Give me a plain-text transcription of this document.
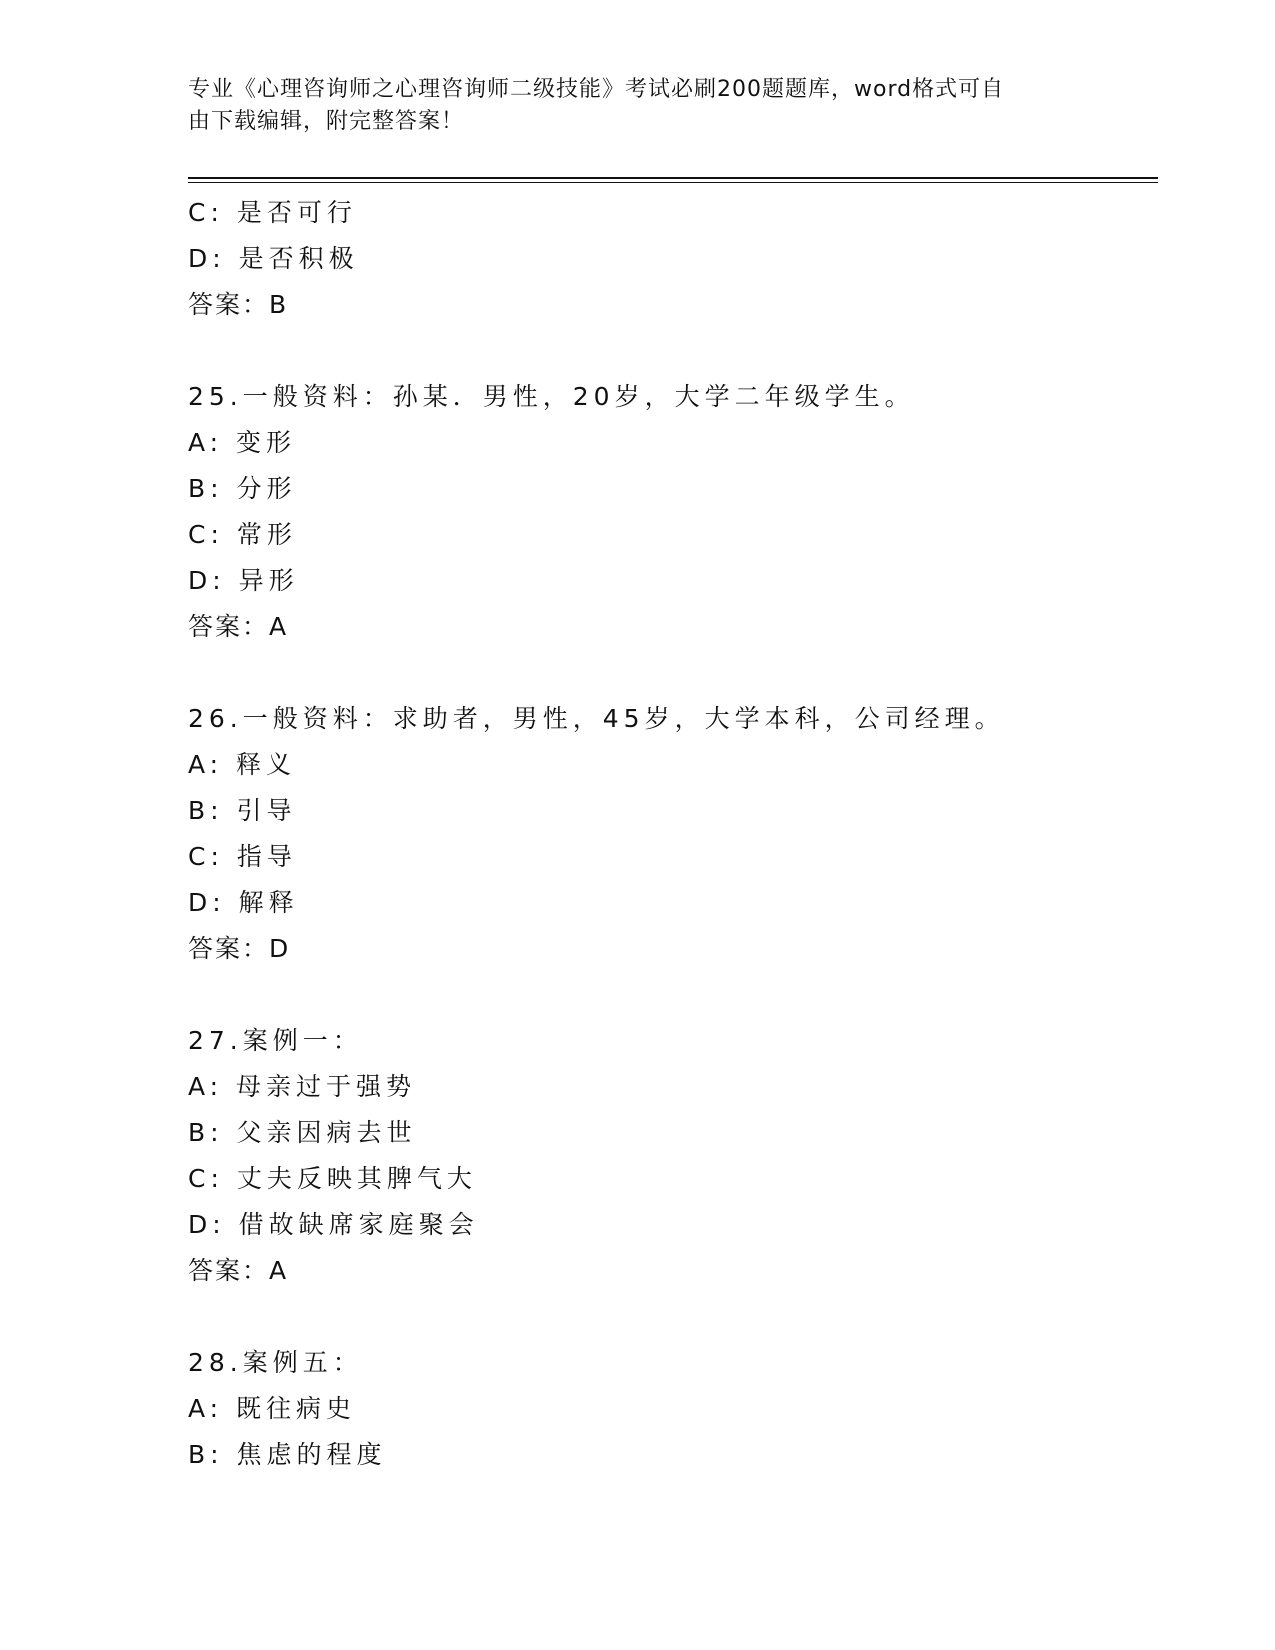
专业《心理咨询师之心理咨询师二级技能》考试必刷200题题库，word格式可自
由下载编辑，附完整答案！
C: 是否可行
D: 是否积极
答案：B
25.一般资料：孙某．男性，20岁，大学二年级学生。
A: 变形
B: 分形
C: 常形
D: 异形
答案：A
26.一般资料：求助者，男性，45岁，大学本科，公司经理。
A: 释义
B: 引导
C: 指导
D: 解释
答案：D
27.案例一：
A: 母亲过于强势
B: 父亲因病去世
C: 丈夫反映其脾气大
D: 借故缺席家庭聚会
答案：A
28.案例五：
A: 既往病史
B: 焦虑的程度
